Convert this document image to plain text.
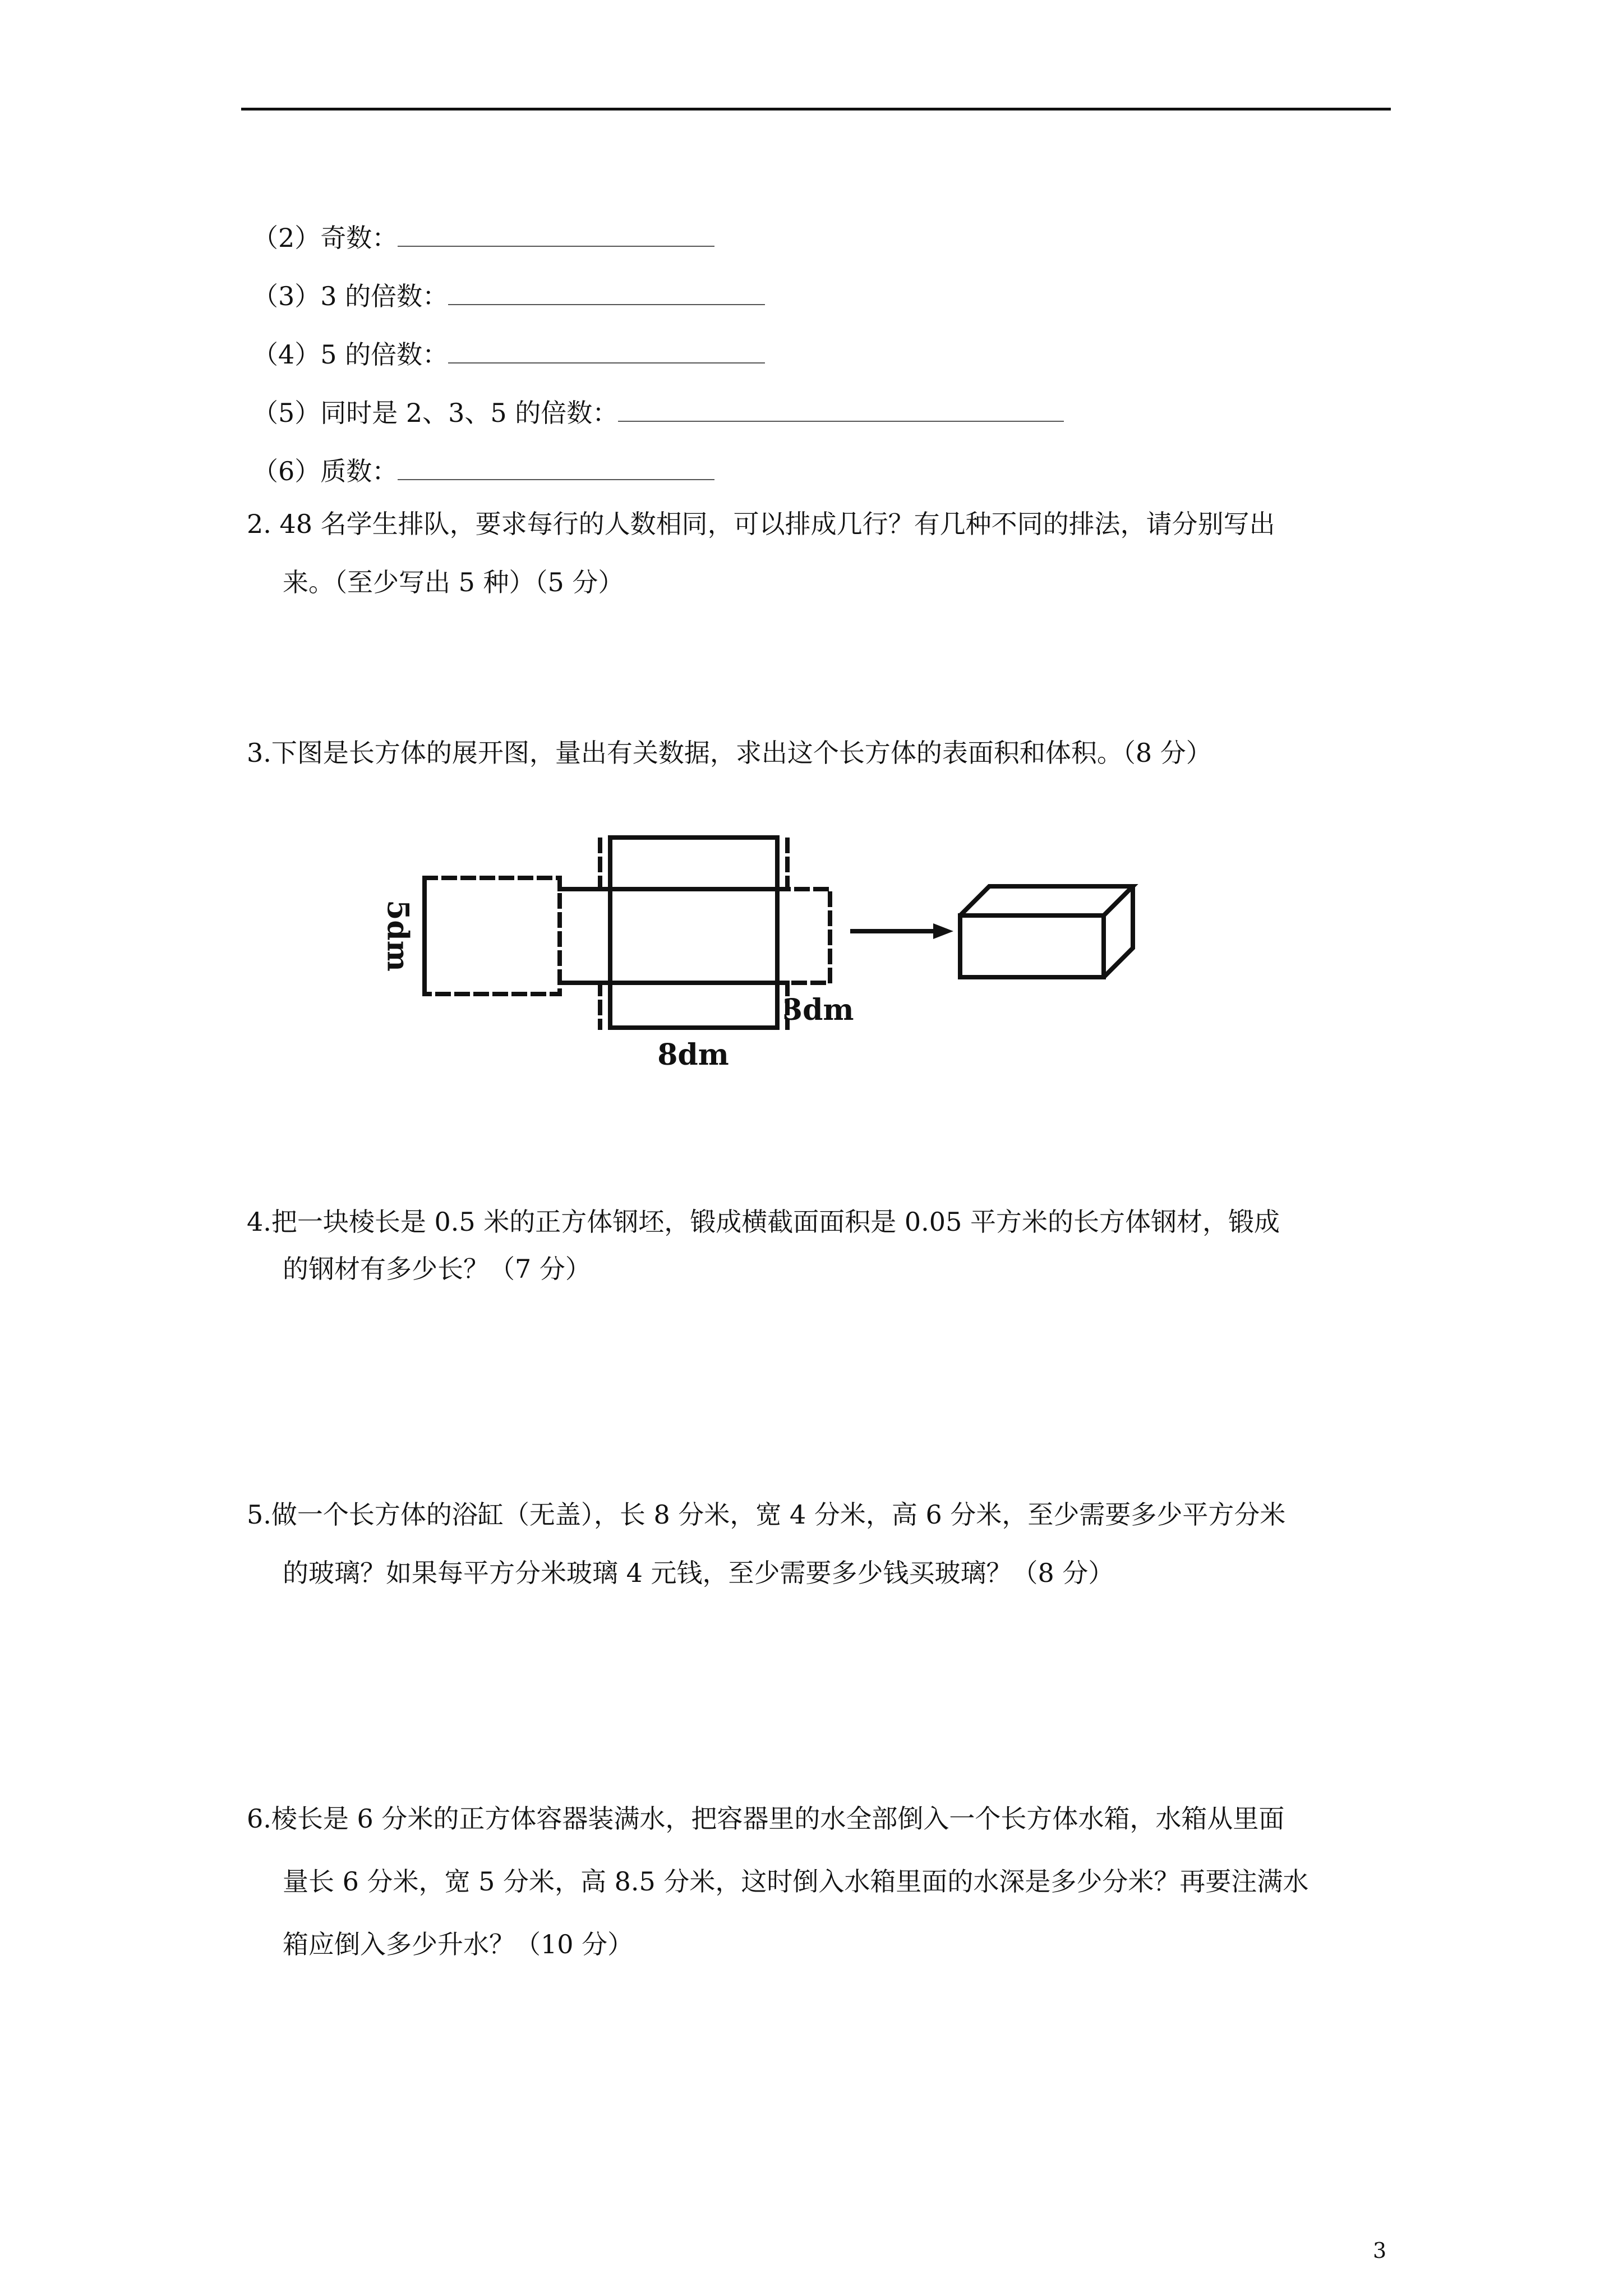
（2）奇数：
（3）3 的倍数：
（4）5 的倍数：
（5）同时是 2、3、5 的倍数：
（6）质数：
2. 48 名学生排队，要求每行的人数相同，可以排成几行？有几种不同的排法，请分别写出
来。（至少写出 5 种）（5 分）
3.下图是长方体的展开图，量出有关数据，求出这个长方体的表面积和体积。（8 分）
5dm
3dm
8dm
4.把一块棱长是 0.5 米的正方体钢坯，锻成横截面面积是 0.05 平方米的长方体钢材，锻成
的钢材有多少长？（7 分）
5.做一个长方体的浴缸（无盖），长 8 分米，宽 4 分米，高 6 分米，至少需要多少平方分米
的玻璃？如果每平方分米玻璃 4 元钱，至少需要多少钱买玻璃？（8 分）
6.棱长是 6 分米的正方体容器装满水，把容器里的水全部倒入一个长方体水箱，水箱从里面
量长 6 分米，宽 5 分米，高 8.5 分米，这时倒入水箱里面的水深是多少分米？再要注满水
箱应倒入多少升水？（10 分）
3
